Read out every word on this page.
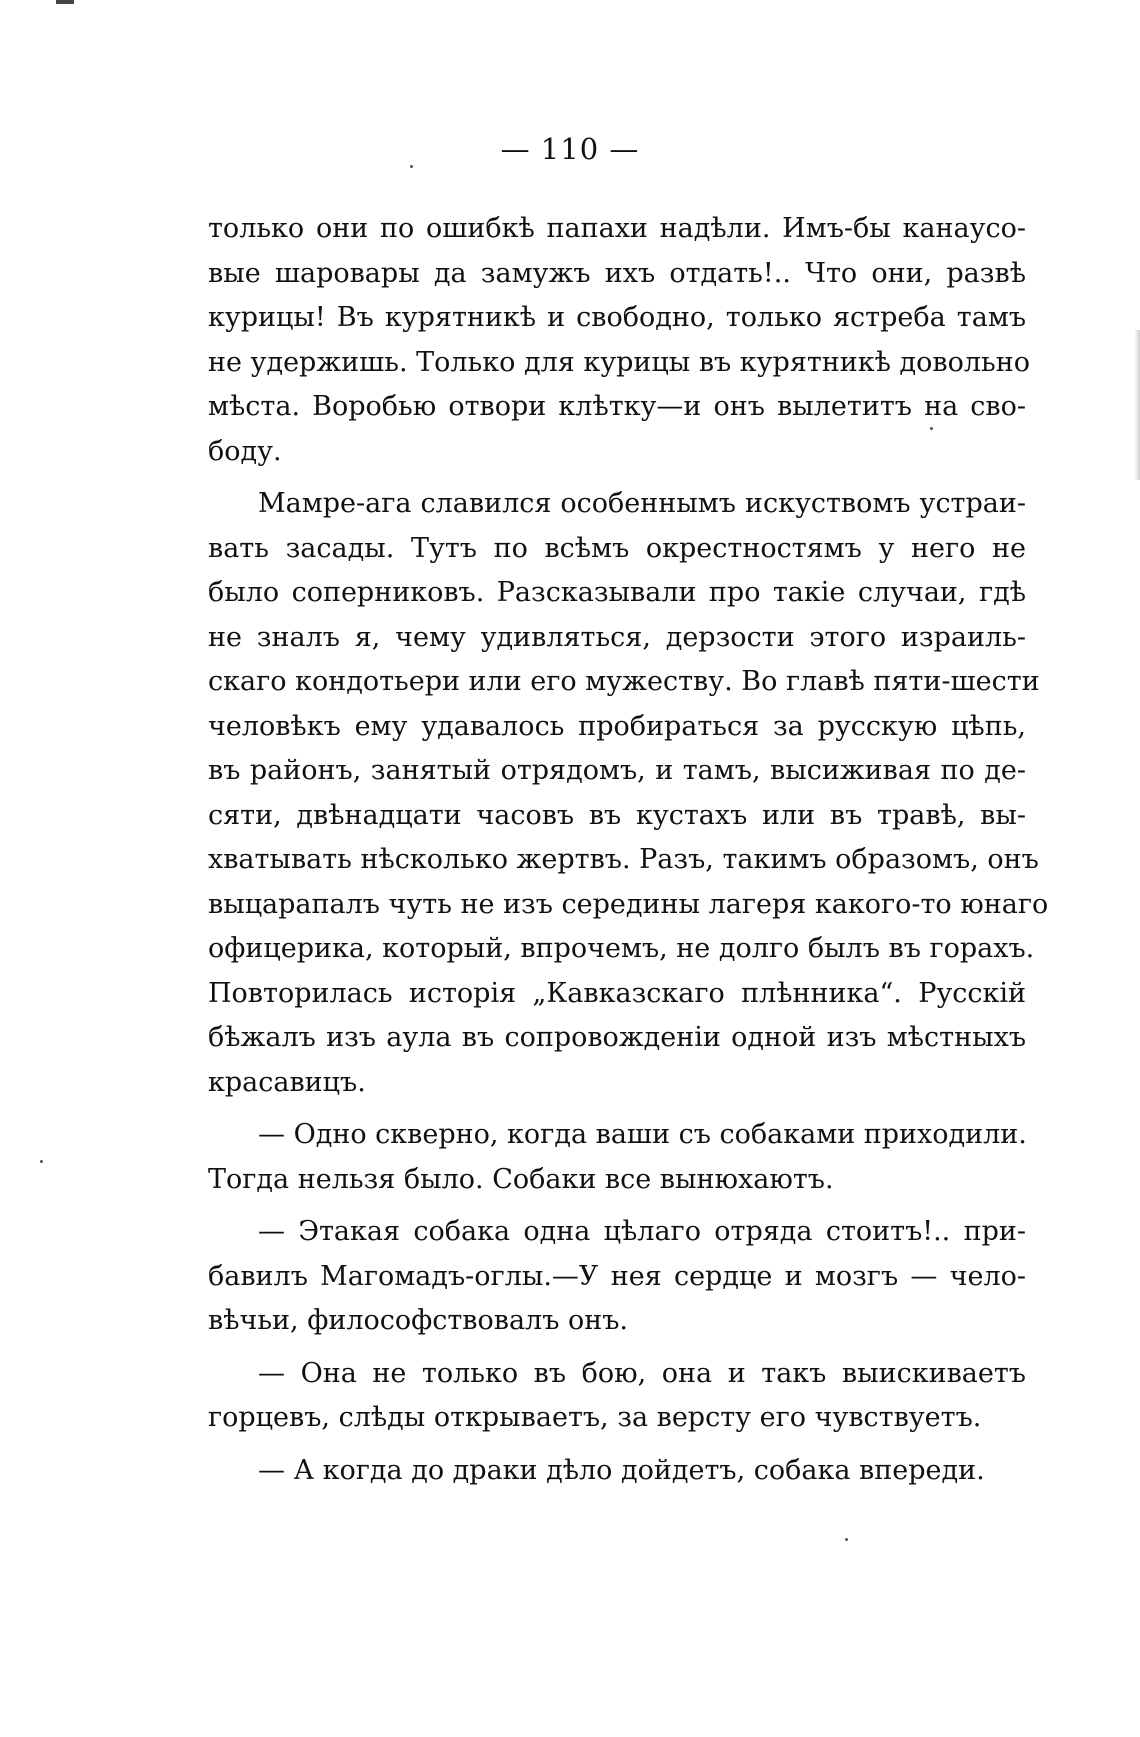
— 110 —
только они по ошибкѣ папахи надѣли. Имъ-бы канаусо-
вые шаровары да замужъ ихъ отдать!.. Что они, развѣ
курицы! Въ курятникѣ и свободно, только ястреба тамъ
не удержишь. Только для курицы въ курятникѣ довольно
мѣста. Воробью отвори клѣтку—и онъ вылетитъ на сво-
боду.
Мамре-ага славился особеннымъ искуствомъ устраи-
вать засады. Тутъ по всѣмъ окрестностямъ у него не
было соперниковъ. Разсказывали про такіе случаи, гдѣ
не зналъ я, чему удивляться, дерзости этого израиль-
скаго кондотьери или его мужеству. Во главѣ пяти-шести
человѣкъ ему удавалось пробираться за русскую цѣпь,
въ районъ, занятый отрядомъ, и тамъ, высиживая по де-
сяти, двѣнадцати часовъ въ кустахъ или въ травѣ, вы-
хватывать нѣсколько жертвъ. Разъ, такимъ образомъ, онъ
выцарапалъ чуть не изъ середины лагеря какого-то юнаго
офицерика, который, впрочемъ, не долго былъ въ горахъ.
Повторилась исторія „Кавказскаго плѣнника“. Русскій
бѣжалъ изъ аула въ сопровожденіи одной изъ мѣстныхъ
красавицъ.
— Одно скверно, когда ваши съ собаками приходили.
Тогда нельзя было. Собаки все вынюхаютъ.
— Этакая собака одна цѣлаго отряда стоитъ!.. при-
бавилъ Магомадъ-оглы.—У нея сердце и мозгъ — чело-
вѣчьи, философствовалъ онъ.
— Она не только въ бою, она и такъ выискиваетъ
горцевъ, слѣды открываетъ, за версту его чувствуетъ.
— А когда до драки дѣло дойдетъ, собака впереди.
